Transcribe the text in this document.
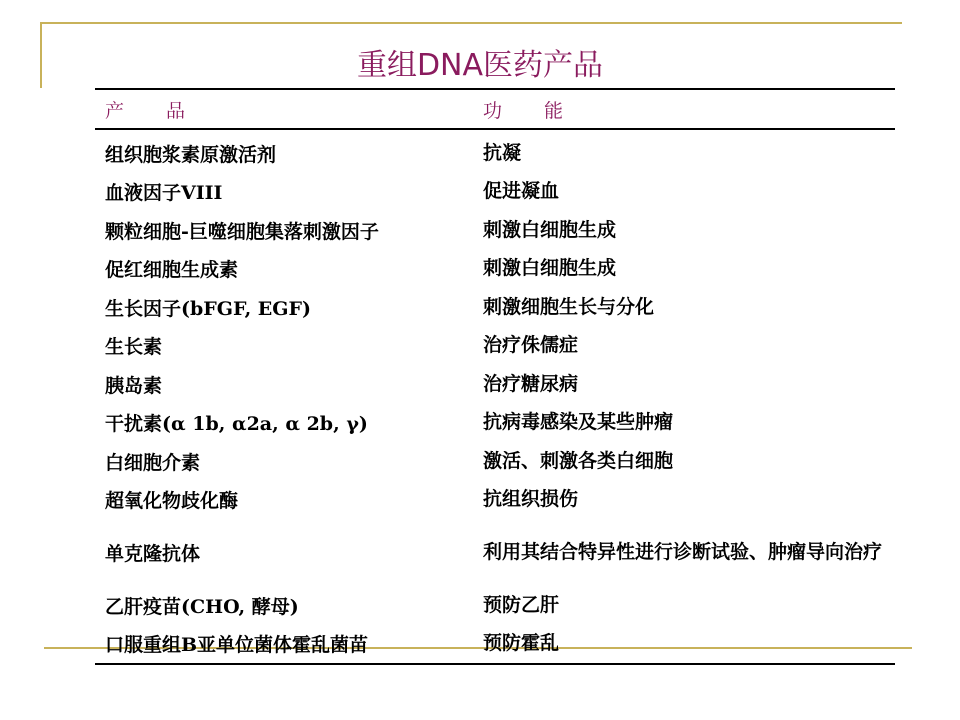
重组DNA医药产品
产 品	功 能
组织胞浆素原激活剂	抗凝
血液因子VIII	促进凝血
颗粒细胞-巨噬细胞集落刺激因子	刺激白细胞生成
促红细胞生成素	刺激白细胞生成
生长因子(bFGF, EGF)	刺激细胞生长与分化
生长素	治疗侏儒症
胰岛素	治疗糖尿病
干扰素(α 1b, α2a, α 2b, γ)	抗病毒感染及某些肿瘤
白细胞介素	激活、刺激各类白细胞
超氧化物歧化酶	抗组织损伤
单克隆抗体	利用其结合特异性进行诊断试验、肿瘤导向治疗
乙肝疫苗(CHO, 酵母)	预防乙肝
口服重组B亚单位菌体霍乱菌苗	预防霍乱
